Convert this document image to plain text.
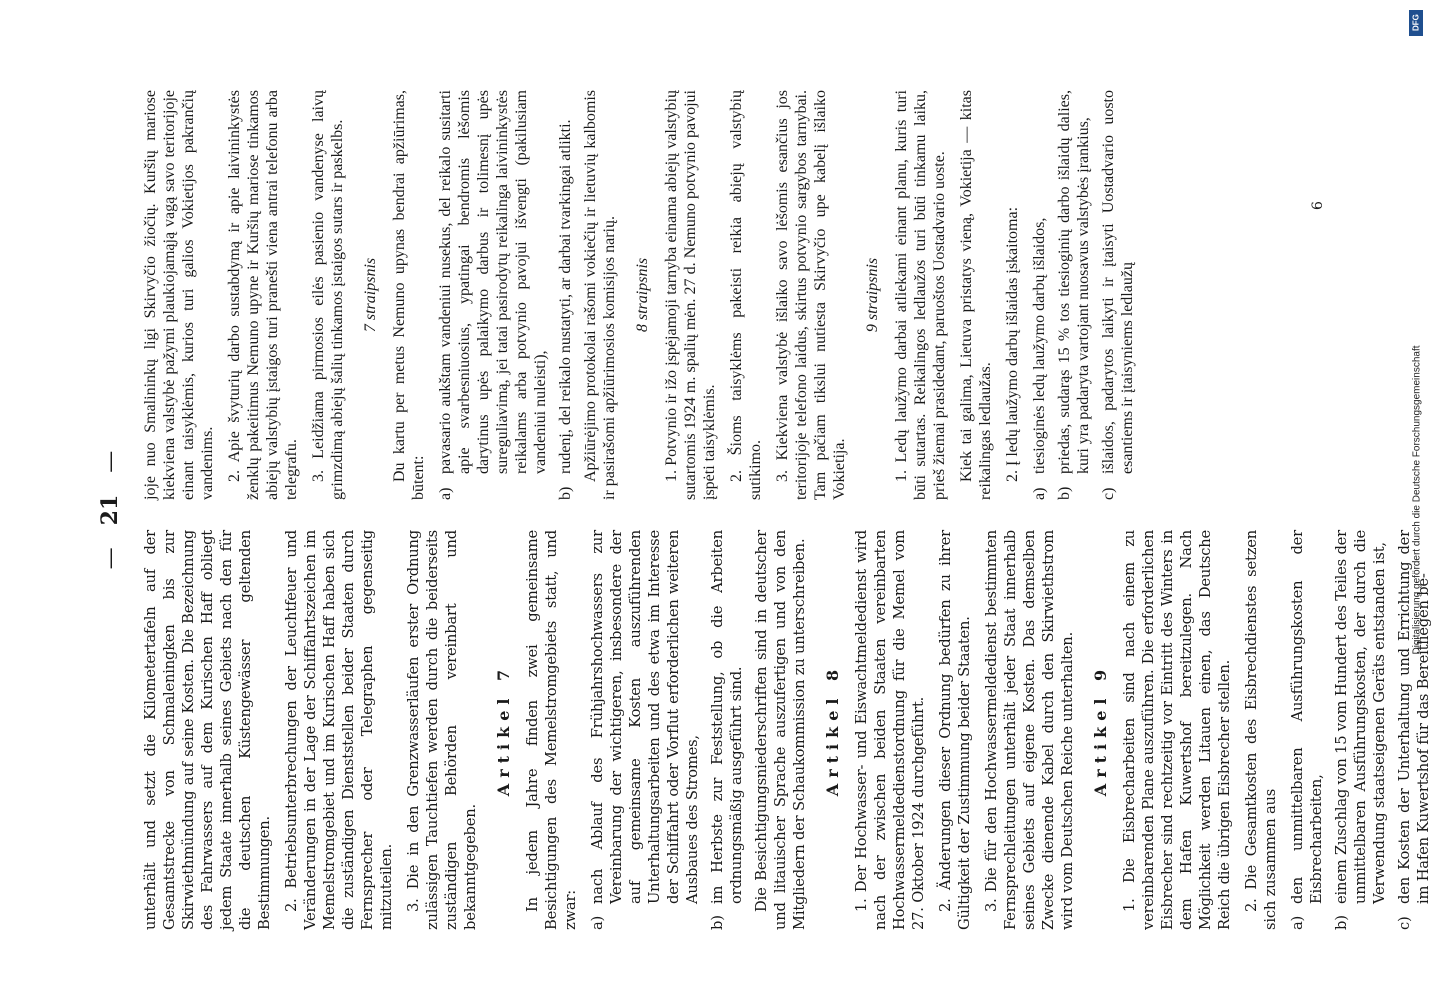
—
21
—

unterhält und setzt die Kilometertafeln auf der Gesamtstrecke von Schmaleningken bis zur Skirwiethmündung auf seine Kosten. Die Bezeichnung des Fahrwassers auf dem Kurischen Haff obliegt jedem Staate innerhalb seines Gebiets nach den für die deutschen Küstengewässer geltenden Bestimmungen. 2. Betriebsunterbrechungen der Leuchtfeuer und Veränderungen in der Lage der Schiffahrtszeichen im Memelstromgebiet und im Kurischen Haff haben sich die zuständigen Dienststellen beider Staaten durch Fernsprecher oder Telegraphen gegenseitig mitzuteilen. 3. Die in den Grenzwasserläufen erster Ordnung zulässigen Tauchtiefen werden durch die beiderseits zuständigen Behörden vereinbart und bekanntgegeben.

Artikel 7 In jedem Jahre finden zwei gemeinsame Besichtigungen des Memelstromgebiets statt, und zwar: a)
nach Ablauf des Frühjahrshochwassers zur Vereinbarung der wichtigeren, insbesondere der auf gemeinsame Kosten auszuführenden Unterhaltungsarbeiten und des etwa im Interesse der Schiffahrt oder Vorflut erforderlichen weiteren Ausbaues des Stromes,
b)
im Herbste zur Feststellung, ob die Arbeiten ordnungsmäßig ausgeführt sind. Die Besichtigungsniederschriften sind in deutscher und litauischer Sprache auszufertigen und von den Mitgliedern der Schaukommission zu unterschreiben. Artikel 8 1. Der Hochwasser- und Eiswachtmeldedienst wird nach der zwischen beiden Staaten vereinbarten Hochwassermeldedienstordnung für die Memel vom 27. Oktober 1924 durchgeführt. 2. Änderungen dieser Ordnung bedürfen zu ihrer Gültigkeit der Zustimmung beider Staaten. 3. Die für den Hochwassermeldedienst bestimmten Fernsprechleitungen unterhält jeder Staat innerhalb seines Gebiets auf eigene Kosten. Das demselben Zwecke dienende Kabel durch den Skirwiethstrom wird vom Deutschen Reiche unterhalten. Artikel 9 1. Die Eisbrecharbeiten sind nach einem zu vereinbarenden Plane auszuführen. Die erforderlichen Eisbrecher sind rechtzeitig vor Eintritt des Winters in dem Hafen Kuwertshof bereitzulegen. Nach Möglichkeit werden Litauen einen, das Deutsche Reich die übrigen Eisbrecher stellen. 2. Die Gesamtkosten des Eisbrechdienstes setzen sich zusammen aus a)
den unmittelbaren Ausführungskosten der Eisbrecharbeiten,
b)
einem Zuschlag von 15 vom Hundert des Teiles der unmittelbaren Ausführungskosten, der durch die Verwendung staatseigenen Geräts entstanden ist,
c)
den Kosten der Unterhaltung und Errichtung der im Hafen Kuwertshof für das Bereitliegen be-

joje nuo Smalininkų ligi Skirvyčio žiočių. Kuršių mariose kiekviena valstybė pažymi plaukiojamąją vagą savo teritorijoje einant taisyklėmis, kurios turi galios Vokietijos pakrančių vandenims. 2. Apie švyturių darbo sustabdymą ir apie laivininkystės ženklų pakeitimus Nemuno upyne ir Kuršių mariose tinkamos abiejų valstybių įstaigos turi pranešti viena antrai telefonu arba telegrafu. 3. Leidžiama pirmosios eilės pasienio vandenyse laivų grimzdimą abiejų šalių tinkamos įstaigos sutars ir paskelbs. 7 straipsnis Du kartu per metus Nemuno upynas bendrai apžiūrimas, būtent: a)
pavasario aukštam vandeniui nusekus, del reikalo susitarti apie svarbesniuosius, ypatingai bendromis lėšomis darytinus upės palaikymo darbus ir tolimesnį upės sureguliavimą, jei tatai pasirodytų reikalinga laivininkystės reikalams arba potvynio pavojui išvengti (pakilusiam vandeniui nuleisti),
b)
rudenį, del reikalo nustatyti, ar darbai tvarkingai atlikti. Apžiūrėjimo protokolai rašomi vokiečių ir lietuvių kalbomis ir pasirašomi apžiūrimosios komisijos narių. 8 straipsnis 1. Potvynio ir ižo įspėjamoji tarnyba einama abiejų valstybių sutartomis 1924 m. spalių mėn. 27 d. Nemuno potvynio pavojui įspėti taisyklėmis. 2. Šioms taisyklėms pakeisti reikia abiejų valstybių sutikimo. 3. Kiekviena valstybė išlaiko savo lėšomis esančius jos teritorijoje telefono laidus, skirtus potvynio sargybos tarnybai. Tam pačiam tikslui nutiesta Skirvyčio upe kabelį išlaiko Vokietija.

9 straipsnis 1. Ledų laužymo darbai atliekami einant planu, kuris turi būti sutartas. Reikalingos ledlaužos turi būti tinkamu laiku, prieš žiemai prasidedant, paruoštos Uostadvario uoste. Kiek tai galima, Lietuva pristatys vieną, Vokietija — kitas reikalingas ledlaužas. 2. Į ledų laužymo darbų išlaidas įskaitoma:

a)
tiesioginės ledų laužymo darbų išlaidos,
b)
priedas, sudarąs 15 % tos tiesioginių darbo išlaidų dalies, kuri yra padaryta vartojant nuosavus valstybės įrankius,
c)
išlaidos, padarytos laikyti ir įtaisyti Uostadvario uosto esantiems ir įtaisyniems ledlaužų
6
DFG
Digitalisierung gefördert durch die Deutsche Forschungsgemeinschaft
